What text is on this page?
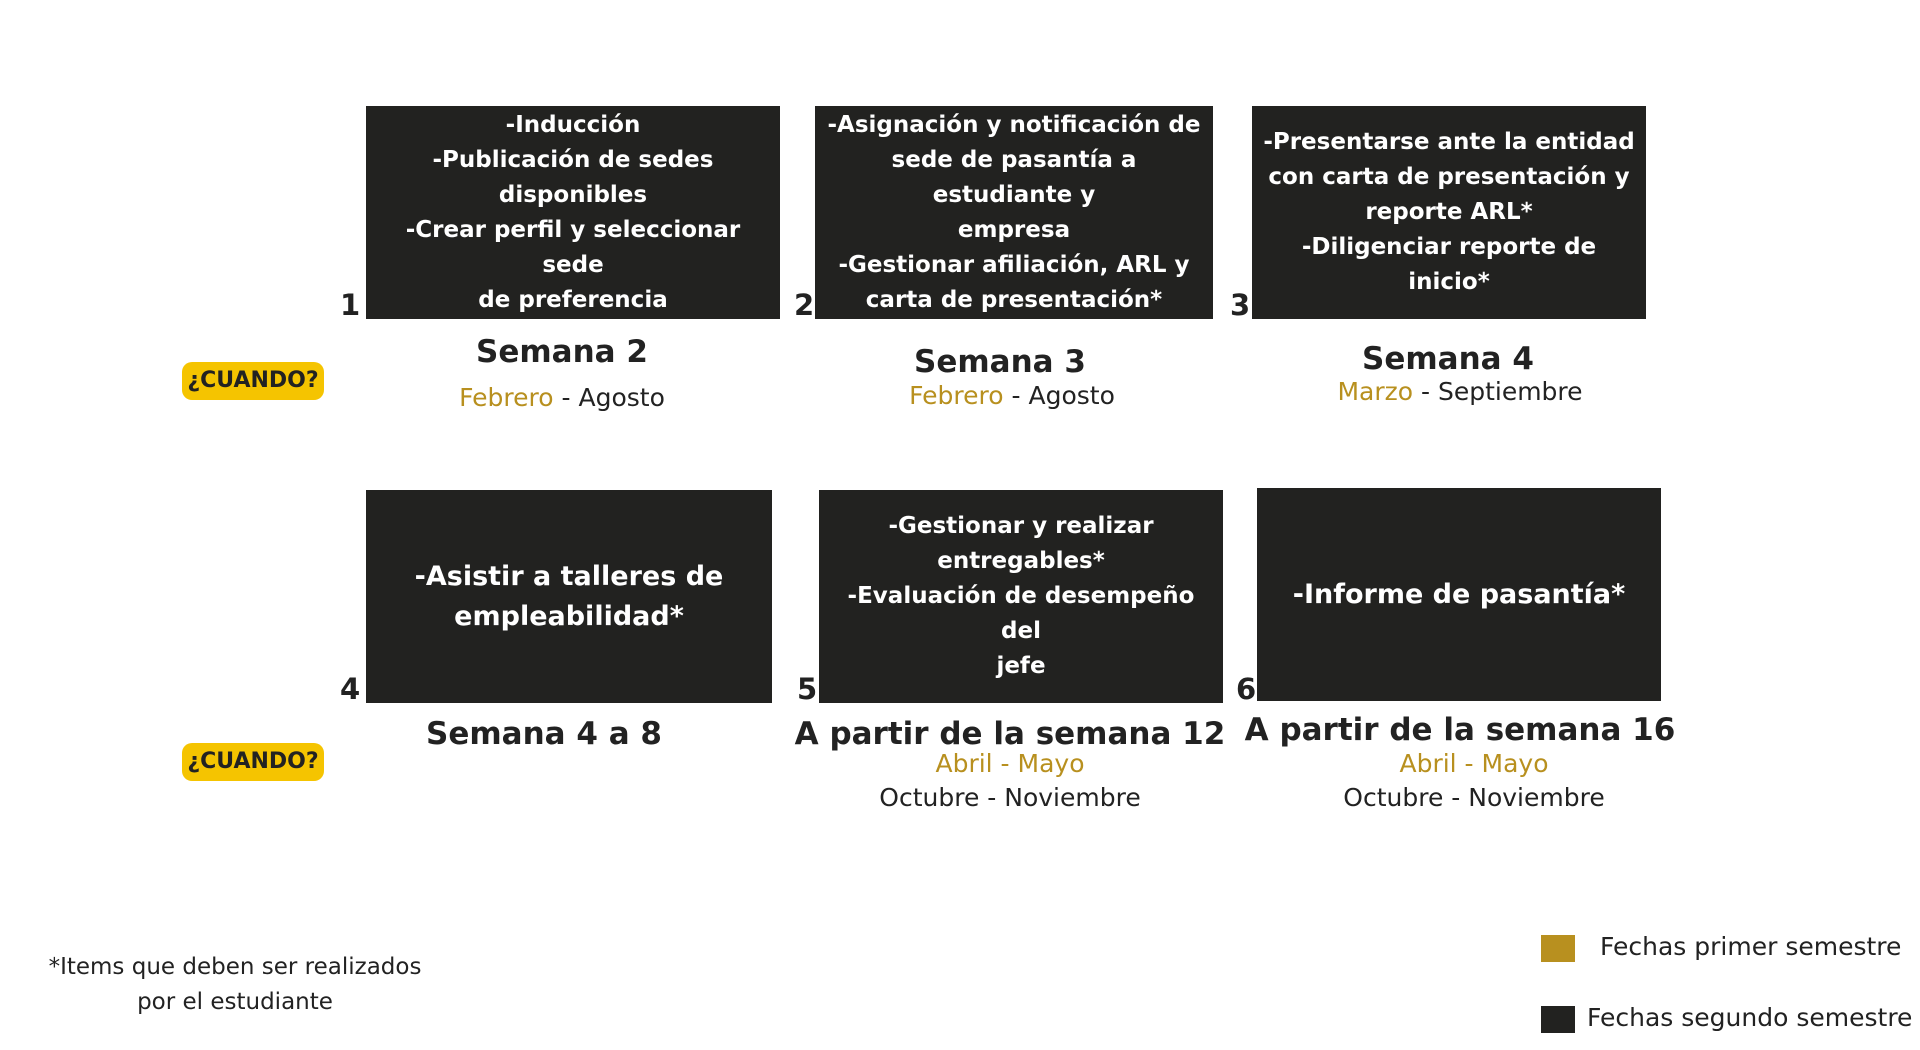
1
-Inducción
-Publicación de sedes
disponibles
-Crear perfil y seleccionar sede
de preferencia	2
-Asignación y notificación de
sede de pasantía a estudiante y
empresa
-Gestionar afiliación, ARL y
carta de presentación*	3
-Presentarse ante la entidad
con carta de presentación y
reporte ARL*
-Diligenciar reporte de inicio*
¿CUANDO?
Semana 2
Febrero - Agosto
Semana 3
Febrero - Agosto
Semana 4
Marzo - Septiembre
4
-Asistir a talleres de
empleabilidad*
5
-Gestionar y realizar
entregables*
-Evaluación de desempeño del
jefe
6
-Informe de pasantía*
¿CUANDO?
Semana 4 a 8	A partir de la semana 12
Abril - Mayo
Octubre - Noviembre
A partir de la semana 16
Abril - Mayo
Octubre - Noviembre
*Items que deben ser realizados
por el estudiante
Fechas primer semestre
Fechas segundo semestre
